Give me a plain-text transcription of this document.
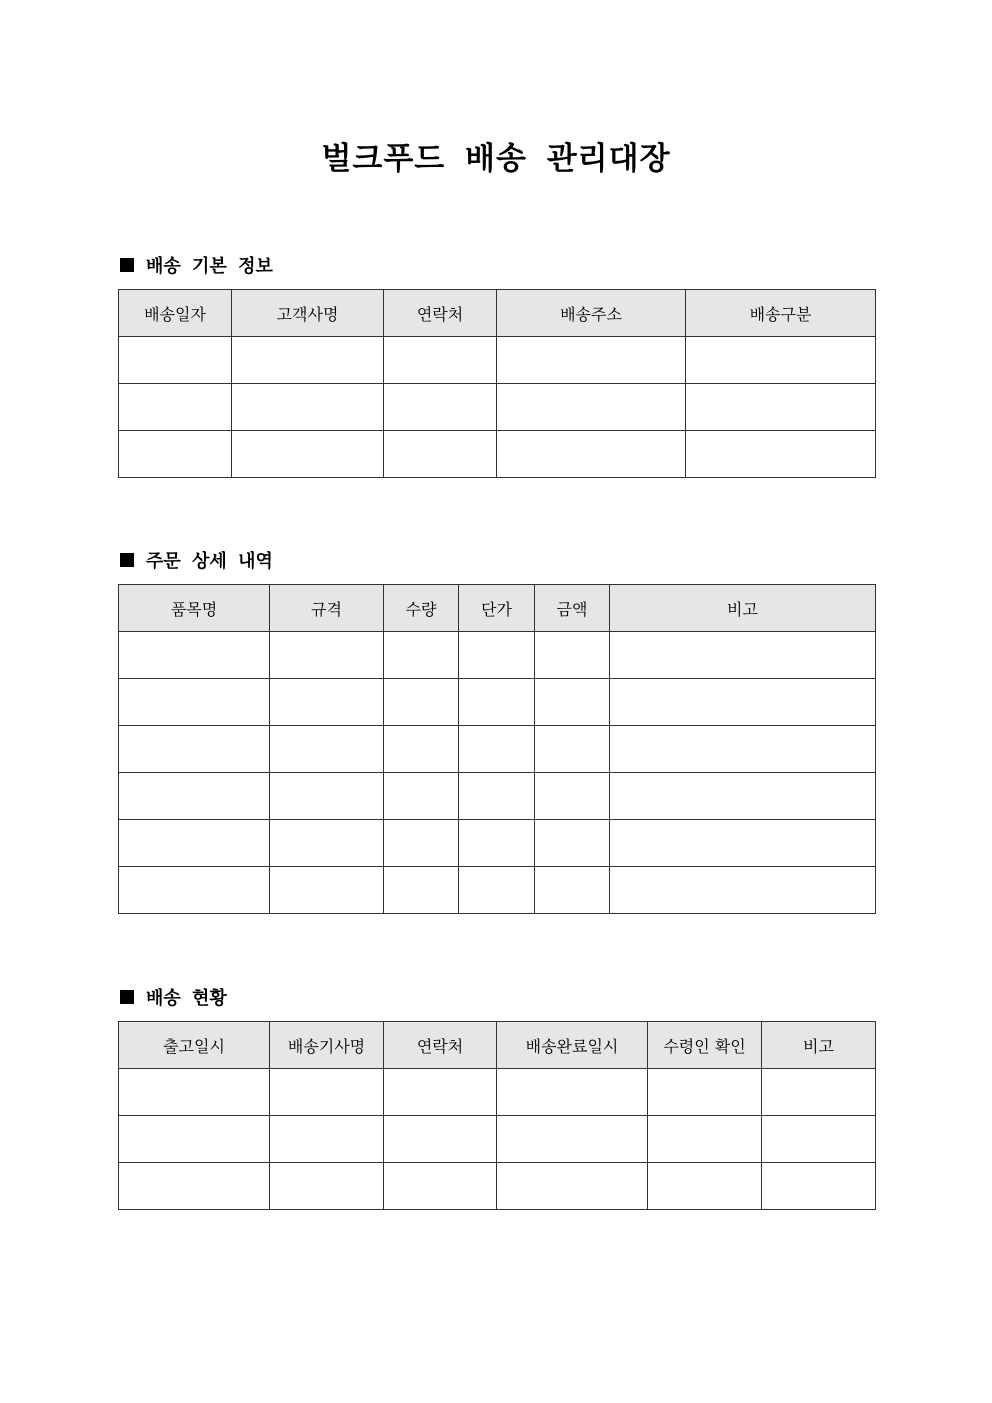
벌크푸드 배송 관리대장
배송 기본 정보
배송일자	고객사명	연락처	배송주소	배송구분

주문 상세 내역
품목명	규격	수량	단가	금액	비고

배송 현황
출고일시	배송기사명	연락처	배송완료일시	수령인 확인	비고
